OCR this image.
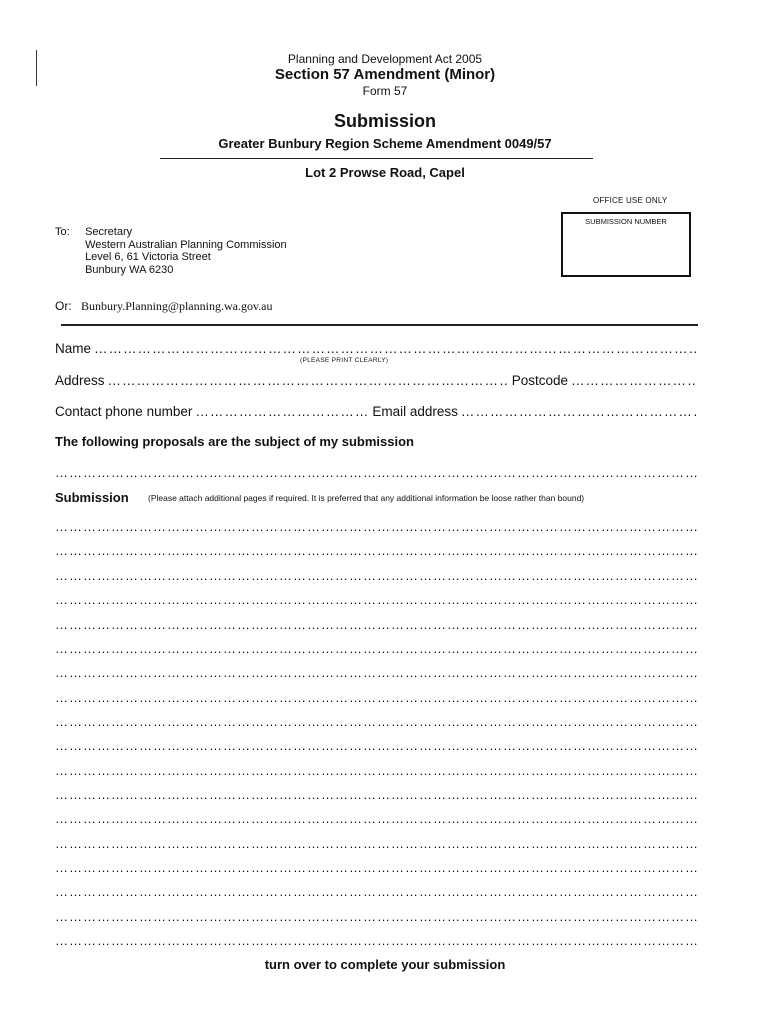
Planning and Development Act 2005
Section 57 Amendment (Minor)
Form 57
Submission
Greater Bunbury Region Scheme Amendment 0049/57
Lot 2 Prowse Road, Capel
OFFICE USE ONLY
SUBMISSION NUMBER
To: Secretary
Western Australian Planning Commission
Level 6, 61 Victoria Street
Bunbury WA 6230
Or: Bunbury.Planning@planning.wa.gov.au
Name
……………………………………………………………………………………………………………………………………………………………………………………………………
(PLEASE PRINT CLEARLY)
Address ……………………………………………………………………………………………………………………………………………………………………………………………………	Postcode
……………………………………………………………………………………………………………………………………………………………………………………………………
Contact phone number ……………………………………………………………………………………………………………………………………………………………………………………………………	Email address
……………………………………………………………………………………………………………………………………………………………………………………………………
The following proposals are the subject of my submission
………………………………………………………………………………………………………………………………………………………………………………………
Submission (Please attach additional pages if required. It is preferred that any additional information be loose rather than bound)
………………………………………………………………………………………………………………………………………………………………………………………
………………………………………………………………………………………………………………………………………………………………………………………
………………………………………………………………………………………………………………………………………………………………………………………
………………………………………………………………………………………………………………………………………………………………………………………
………………………………………………………………………………………………………………………………………………………………………………………
………………………………………………………………………………………………………………………………………………………………………………………
………………………………………………………………………………………………………………………………………………………………………………………
………………………………………………………………………………………………………………………………………………………………………………………
………………………………………………………………………………………………………………………………………………………………………………………
………………………………………………………………………………………………………………………………………………………………………………………
………………………………………………………………………………………………………………………………………………………………………………………
………………………………………………………………………………………………………………………………………………………………………………………
………………………………………………………………………………………………………………………………………………………………………………………
………………………………………………………………………………………………………………………………………………………………………………………
………………………………………………………………………………………………………………………………………………………………………………………
………………………………………………………………………………………………………………………………………………………………………………………
………………………………………………………………………………………………………………………………………………………………………………………
………………………………………………………………………………………………………………………………………………………………………………………
turn over to complete your submission
